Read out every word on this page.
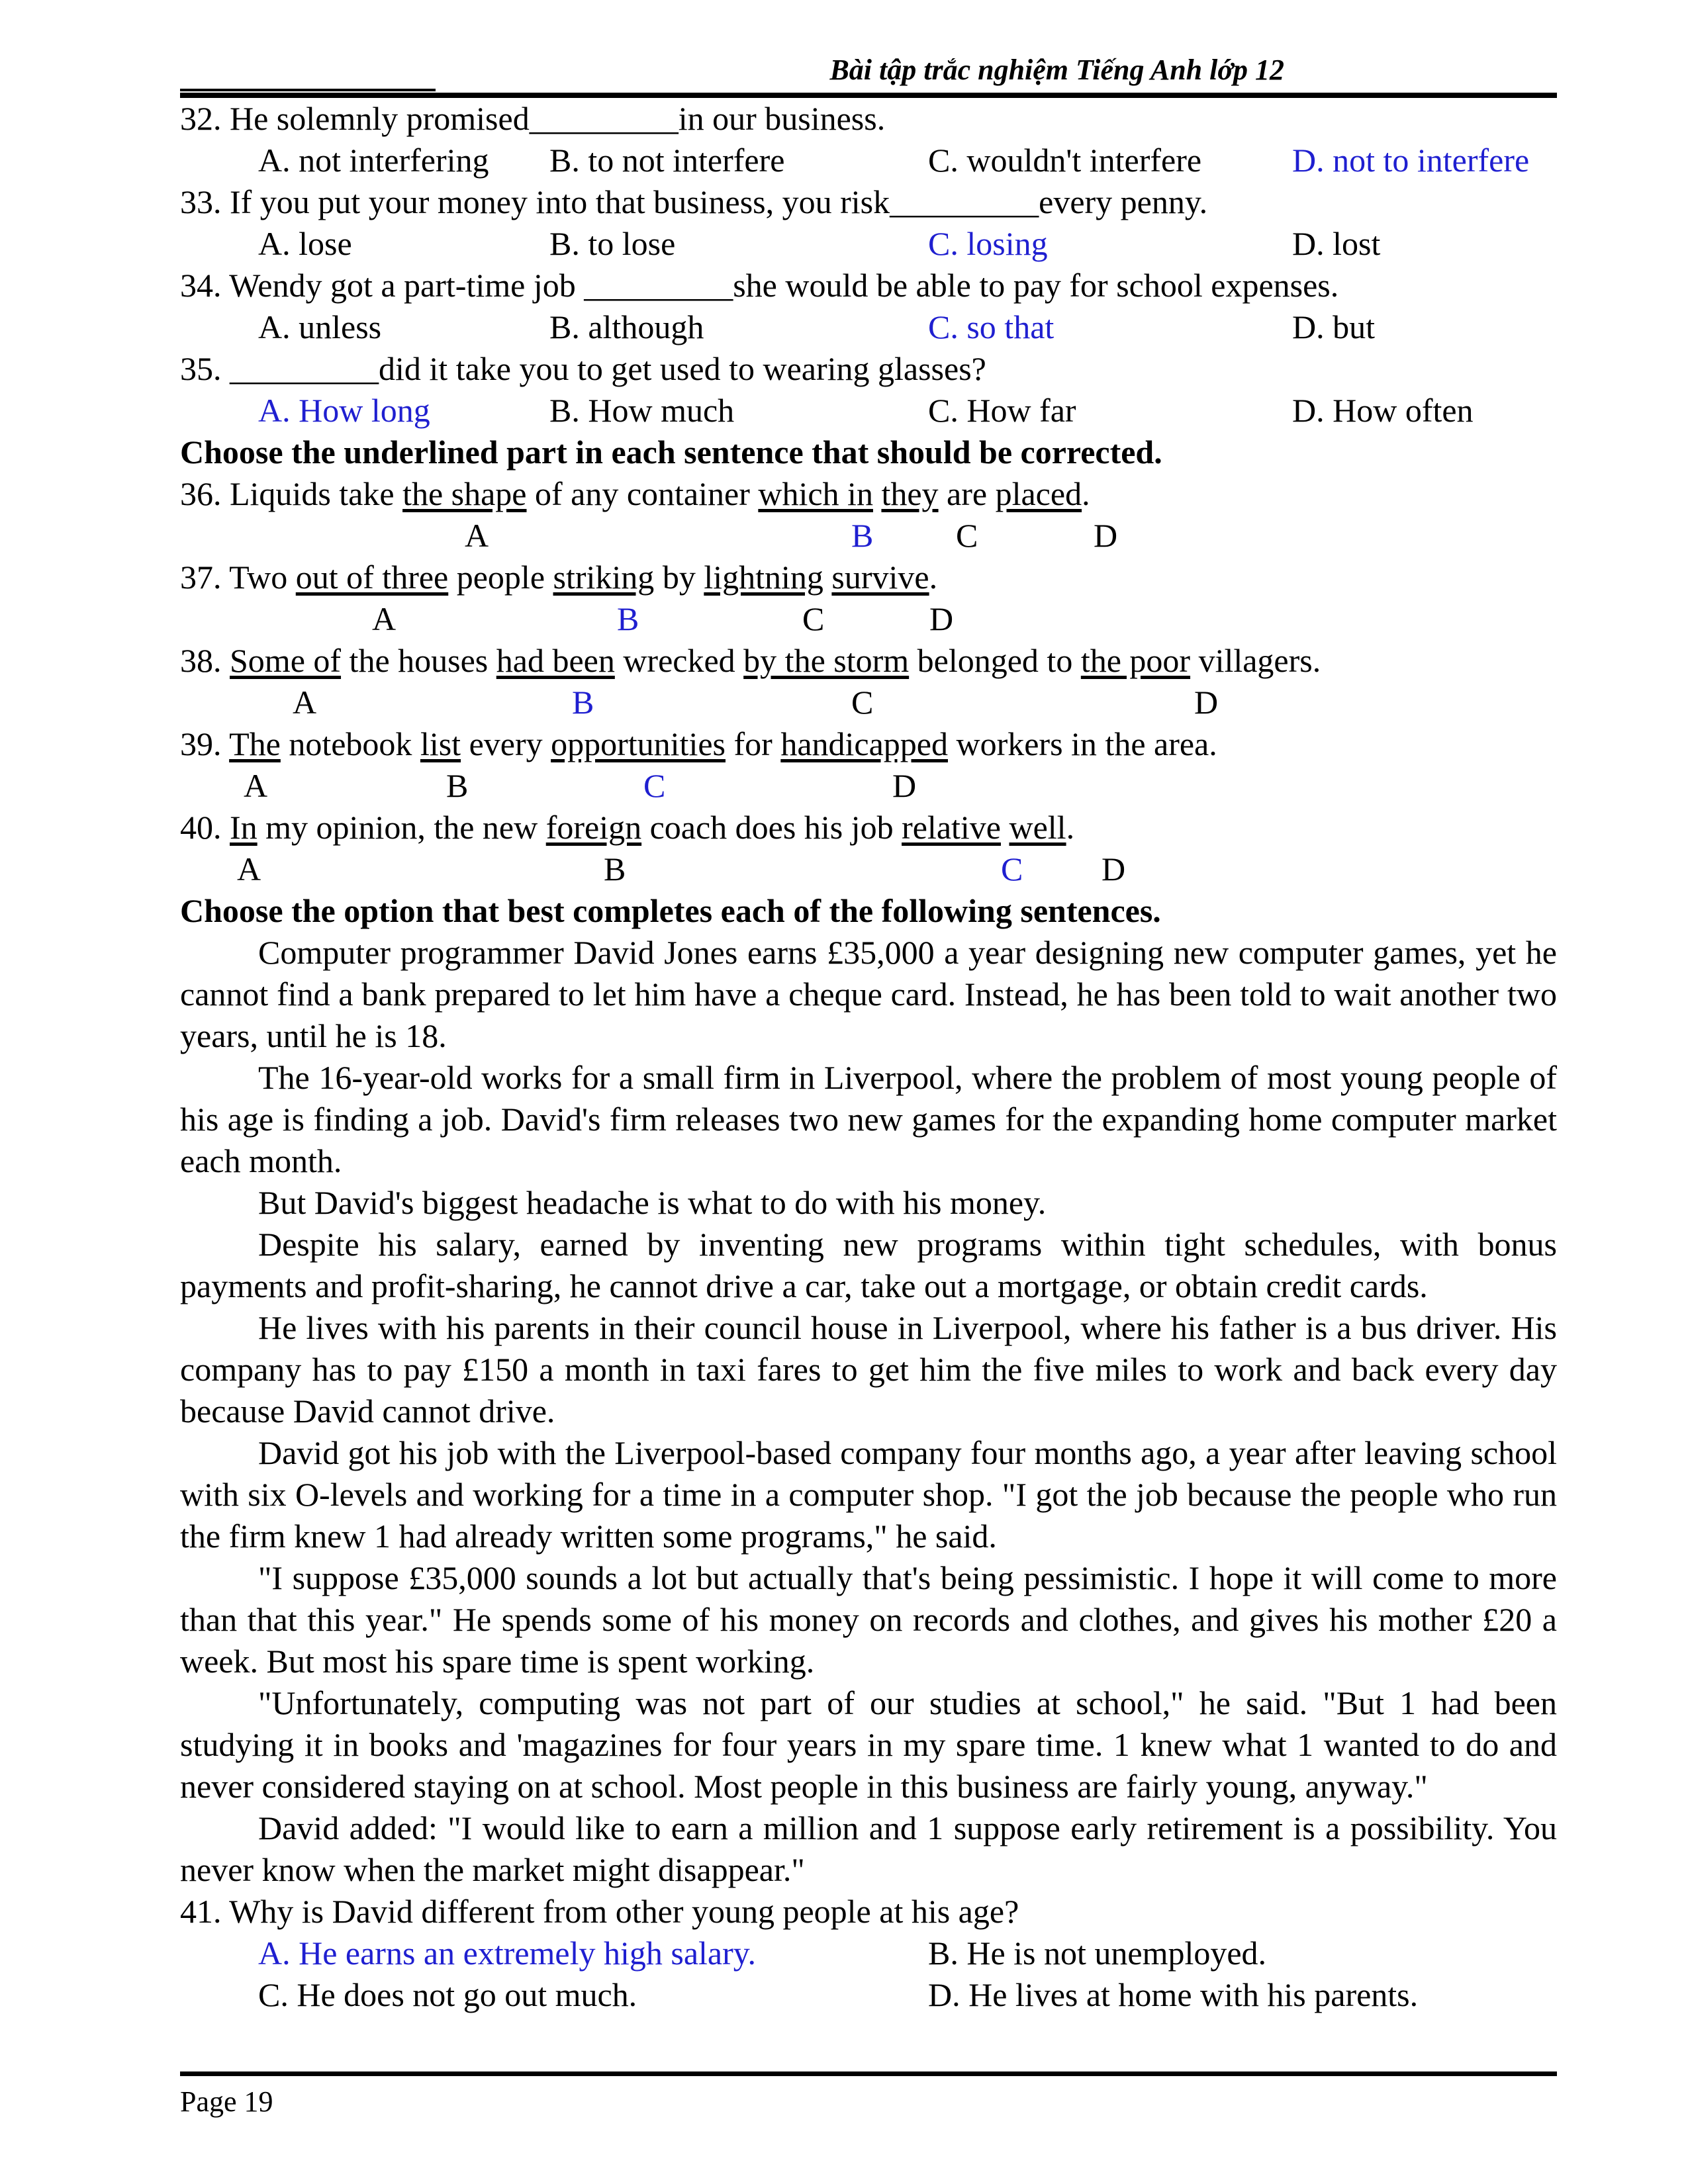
Bài tập trắc nghiệm Tiếng Anh lớp 12
32. He solemnly promised_________in our business.
A. not interfering B. to not interfere	C. wouldn't interfere	D. not to interfere
33. If you put your money into that business, you risk_________every penny.
A. lose	B. to lose	C. losing	D. lost
34. Wendy got a part-time job _________she would be able to pay for school expenses.
A. unless	B. although	C. so that	D. but
35. _________did it take you to get used to wearing glasses?
A. How long	B. How much	C. How far	D. How often
Choose the underlined part in each sentence that should be corrected.
36. Liquids take the shape of any container which in they are placed.
A	B C	D
37. Two out of three people striking by lightning survive.
A	B	C	D
38. Some of the houses had been wrecked by the storm belonged to the poor villagers.
A	B	C	D
39. The notebook list every opportunities for handicapped workers in the area.
A	B	C	D
40. In my opinion, the new foreign coach does his job relative well.
A	B	C D
Choose the option that best completes each of the following sentences.
Computer programmer David Jones earns £35,000 a year designing new computer games, yet he cannot find a bank prepared to let him have a cheque card. Instead, he has been told to wait another two years, until he is 18.
The 16-year-old works for a small firm in Liverpool, where the problem of most young people of his age is finding a job. David's firm releases two new games for the expanding home computer market each month.
But David's biggest headache is what to do with his money.
Despite his salary, earned by inventing new programs within tight schedules, with bonus payments and profit-sharing, he cannot drive a car, take out a mortgage, or obtain credit cards.
He lives with his parents in their council house in Liverpool, where his father is a bus driver. His company has to pay £150 a month in taxi fares to get him the five miles to work and back every day because David cannot drive.
David got his job with the Liverpool-based company four months ago, a year after leaving school with six O-levels and working for a time in a computer shop. "I got the job because the people who run the firm knew 1 had already written some programs," he said.
"I suppose £35,000 sounds a lot but actually that's being pessimistic. I hope it will come to more than that this year." He spends some of his money on records and clothes, and gives his mother £20 a week. But most his spare time is spent working.
"Unfortunately, computing was not part of our studies at school," he said. "But 1 had been studying it in books and 'magazines for four years in my spare time. 1 knew what 1 wanted to do and never considered staying on at school. Most people in this business are fairly young, anyway."
David added: "I would like to earn a million and 1 suppose early retirement is a possibility. You never know when the market might disappear."
41. Why is David different from other young people at his age?
A. He earns an extremely high salary.	B. He is not unemployed.
C. He does not go out much.	D. He lives at home with his parents.
Page 19
